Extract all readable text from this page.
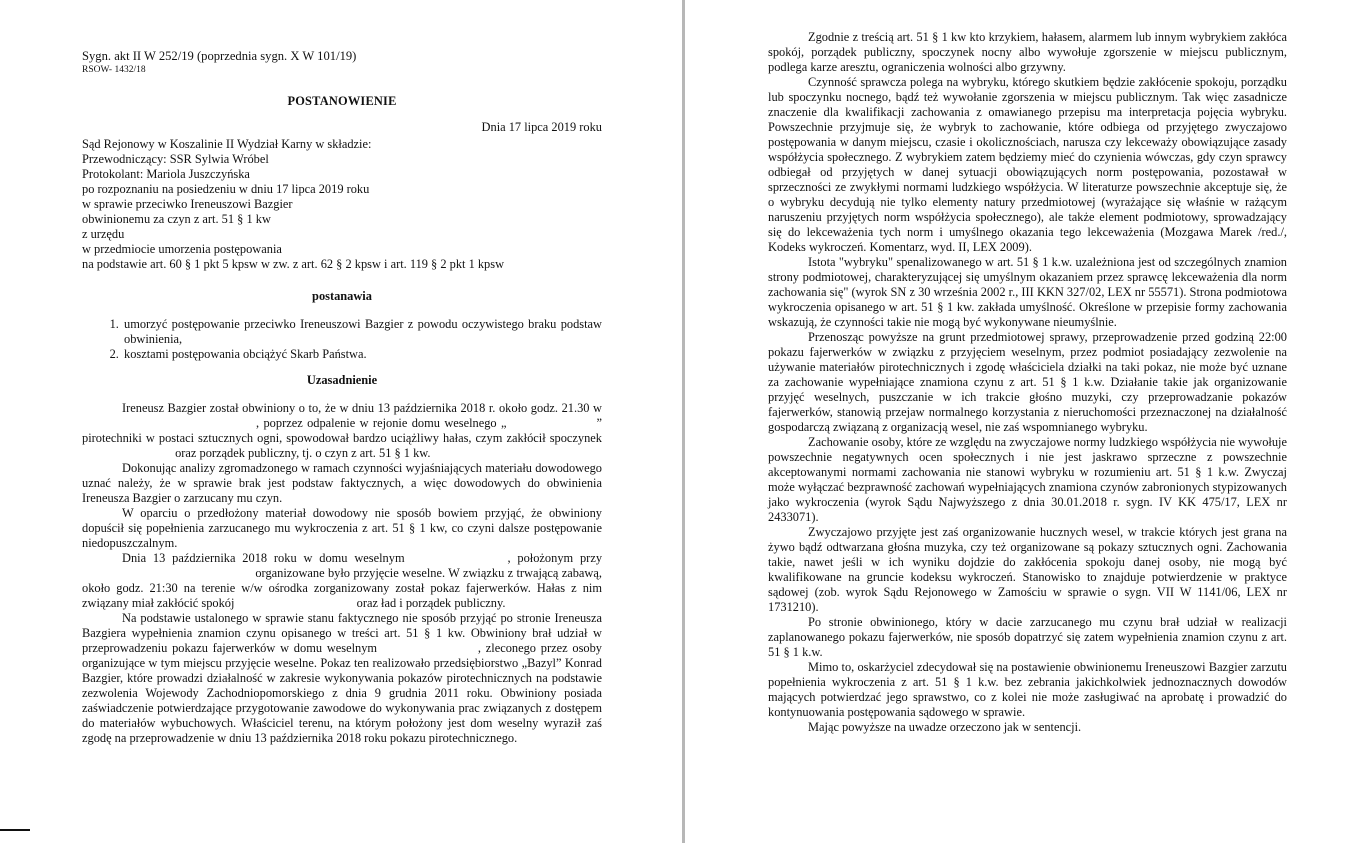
Sygn. akt II W 252/19 (poprzednia sygn. X W 101/19)

RSOW- 1432/18

POSTANOWIENIE

Dnia 17 lipca 2019 roku

Sąd Rejonowy w Koszalinie II Wydział Karny w składzie:

Przewodniczący: SSR Sylwia Wróbel

Protokolant: Mariola Juszczyńska

po rozpoznaniu na posiedzeniu w dniu 17 lipca 2019 roku

w sprawie przeciwko Ireneuszowi Bazgier

obwinionemu za czyn z art. 51 § 1 kw

z urzędu

w przedmiocie umorzenia postępowania

na podstawie art. 60 § 1 pkt 5 kpsw w zw. z art. 62 § 2 kpsw i art. 119 § 2 pkt 1 kpsw

postanawia

1. umorzyć postępowanie przeciwko Ireneuszowi Bazgier z powodu oczywistego braku podstaw obwinienia,
2. kosztami postępowania obciążyć Skarb Państwa.

Uzasadnienie

Ireneusz Bazgier został obwiniony o to, że w dniu 13 października 2018 r. około godz. 21.30 w, poprzez odpalenie w rejonie domu weselnego „	” pirotechniki w postaci sztucznych ogni, spowodował bardzo uciążliwy hałas, czym zakłócił spoczynek oraz porządek publiczny, tj. o czyn z art. 51 § 1 kw.

Dokonując analizy zgromadzonego w ramach czynności wyjaśniających materiału dowodowego uznać należy, że w sprawie brak jest podstaw faktycznych, a więc dowodowych do obwinienia Ireneusza Bazgier o zarzucany mu czyn.

W oparciu o przedłożony materiał dowodowy nie sposób bowiem przyjąć, że obwiniony dopuścił się popełnienia zarzucanego mu wykroczenia z art. 51 § 1 kw, co czyni dalsze postępowanie niedopuszczalnym.

Dnia 13 października 2018 roku w domu weselnym	, położonym przy  organizowane było przyjęcie weselne. W związku z trwającą zabawą, około godz. 21:30 na terenie w/w ośrodka zorganizowany został pokaz fajerwerków. Hałas z nim związany miał zakłócić spokój	oraz ład i porządek publiczny.

Na podstawie ustalonego w sprawie stanu faktycznego nie sposób przyjąć po stronie Ireneusza Bazgiera wypełnienia znamion czynu opisanego w treści art. 51 § 1 kw. Obwiniony brał udział w przeprowadzeniu pokazu fajerwerków w domu weselnym	, zleconego przez osoby organizujące w tym miejscu przyjęcie weselne. Pokaz ten realizowało przedsiębiorstwo „Bazyl” Konrad Bazgier, które prowadzi działalność w zakresie wykonywania pokazów pirotechnicznych na podstawie zezwolenia Wojewody Zachodniopomorskiego z dnia 9 grudnia 2011 roku. Obwiniony posiada zaświadczenie potwierdzające przygotowanie zawodowe do wykonywania prac związanych z dostępem do materiałów wybuchowych. Właściciel terenu, na którym położony jest dom weselny wyraził zaś zgodę na przeprowadzenie w dniu 13 października 2018 roku pokazu pirotechnicznego.

Zgodnie z treścią art. 51 § 1 kw kto krzykiem, hałasem, alarmem lub innym wybrykiem zakłóca spokój, porządek publiczny, spoczynek nocny albo wywołuje zgorszenie w miejscu publicznym, podlega karze aresztu, ograniczenia wolności albo grzywny.

Czynność sprawcza polega na wybryku, którego skutkiem będzie zakłócenie spokoju, porządku lub spoczynku nocnego, bądź też wywołanie zgorszenia w miejscu publicznym. Tak więc zasadnicze znaczenie dla kwalifikacji zachowania z omawianego przepisu ma interpretacja pojęcia wybryku. Powszechnie przyjmuje się, że wybryk to zachowanie, które odbiega od przyjętego zwyczajowo postępowania w danym miejscu, czasie i okolicznościach, narusza czy lekceważy obowiązujące zasady współżycia społecznego. Z wybrykiem zatem będziemy mieć do czynienia wówczas, gdy czyn sprawcy odbiegał od przyjętych w danej sytuacji obowiązujących norm postępowania, pozostawał w sprzeczności ze zwykłymi normami ludzkiego współżycia. W literaturze powszechnie akceptuje się, że o wybryku decydują nie tylko elementy natury przedmiotowej (wyrażające się właśnie w rażącym naruszeniu przyjętych norm współżycia społecznego), ale także element podmiotowy, sprowadzający się do lekceważenia tych norm i umyślnego okazania tego lekceważenia (Mozgawa Marek /red./, Kodeks wykroczeń. Komentarz, wyd. II, LEX 2009).

Istota "wybryku" spenalizowanego w art. 51 § 1 k.w. uzależniona jest od szczególnych znamion strony podmiotowej, charakteryzującej się umyślnym okazaniem przez sprawcę lekceważenia dla norm zachowania się" (wyrok SN z 30 września 2002 r., III KKN 327/02, LEX nr 55571). Strona podmiotowa wykroczenia opisanego w art. 51 § 1 kw. zakłada umyślność. Określone w przepisie formy zachowania wskazują, że czynności takie nie mogą być wykonywane nieumyślnie.

Przenosząc powyższe na grunt przedmiotowej sprawy, przeprowadzenie przed godziną 22:00 pokazu fajerwerków w związku z przyjęciem weselnym, przez podmiot posiadający zezwolenie na używanie materiałów pirotechnicznych i zgodę właściciela działki na taki pokaz, nie może być uznane za zachowanie wypełniające znamiona czynu z art. 51 § 1 k.w. Działanie takie jak organizowanie przyjęć weselnych, puszczanie w ich trakcie głośno muzyki, czy przeprowadzanie pokazów fajerwerków, stanowią przejaw normalnego korzystania z nieruchomości przeznaczonej na działalność gospodarczą związaną z organizacją wesel, nie zaś wspomnianego wybryku.

Zachowanie osoby, które ze względu na zwyczajowe normy ludzkiego współżycia nie wywołuje powszechnie negatywnych ocen społecznych i nie jest jaskrawo sprzeczne z powszechnie akceptowanymi normami zachowania nie stanowi wybryku w rozumieniu art. 51 § 1 k.w. Zwyczaj może wyłączać bezprawność zachowań wypełniających znamiona czynów zabronionych stypizowanych jako wykroczenia (wyrok Sądu Najwyższego z dnia 30.01.2018 r. sygn. IV KK 475/17, LEX nr 2433071).

Zwyczajowo przyjęte jest zaś organizowanie hucznych wesel, w trakcie których jest grana na żywo bądź odtwarzana głośna muzyka, czy też organizowane są pokazy sztucznych ogni. Zachowania takie, nawet jeśli w ich wyniku dojdzie do zakłócenia spokoju danej osoby, nie mogą być kwalifikowane na gruncie kodeksu wykroczeń. Stanowisko to znajduje potwierdzenie w praktyce sądowej (zob. wyrok Sądu Rejonowego w Zamościu w sprawie o sygn. VII W 1141/06, LEX nr 1731210).

Po stronie obwinionego, który w dacie zarzucanego mu czynu brał udział w realizacji zaplanowanego pokazu fajerwerków, nie sposób dopatrzyć się zatem wypełnienia znamion czynu z art. 51 § 1 k.w.

Mimo to, oskarżyciel zdecydował się na postawienie obwinionemu Ireneuszowi Bazgier zarzutu popełnienia wykroczenia z art. 51 § 1 k.w. bez zebrania jakichkolwiek jednoznacznych dowodów mających potwierdzać jego sprawstwo, co z kolei nie może zasługiwać na aprobatę i prowadzić do kontynuowania postępowania sądowego w sprawie.

Mając powyższe na uwadze orzeczono jak w sentencji.
